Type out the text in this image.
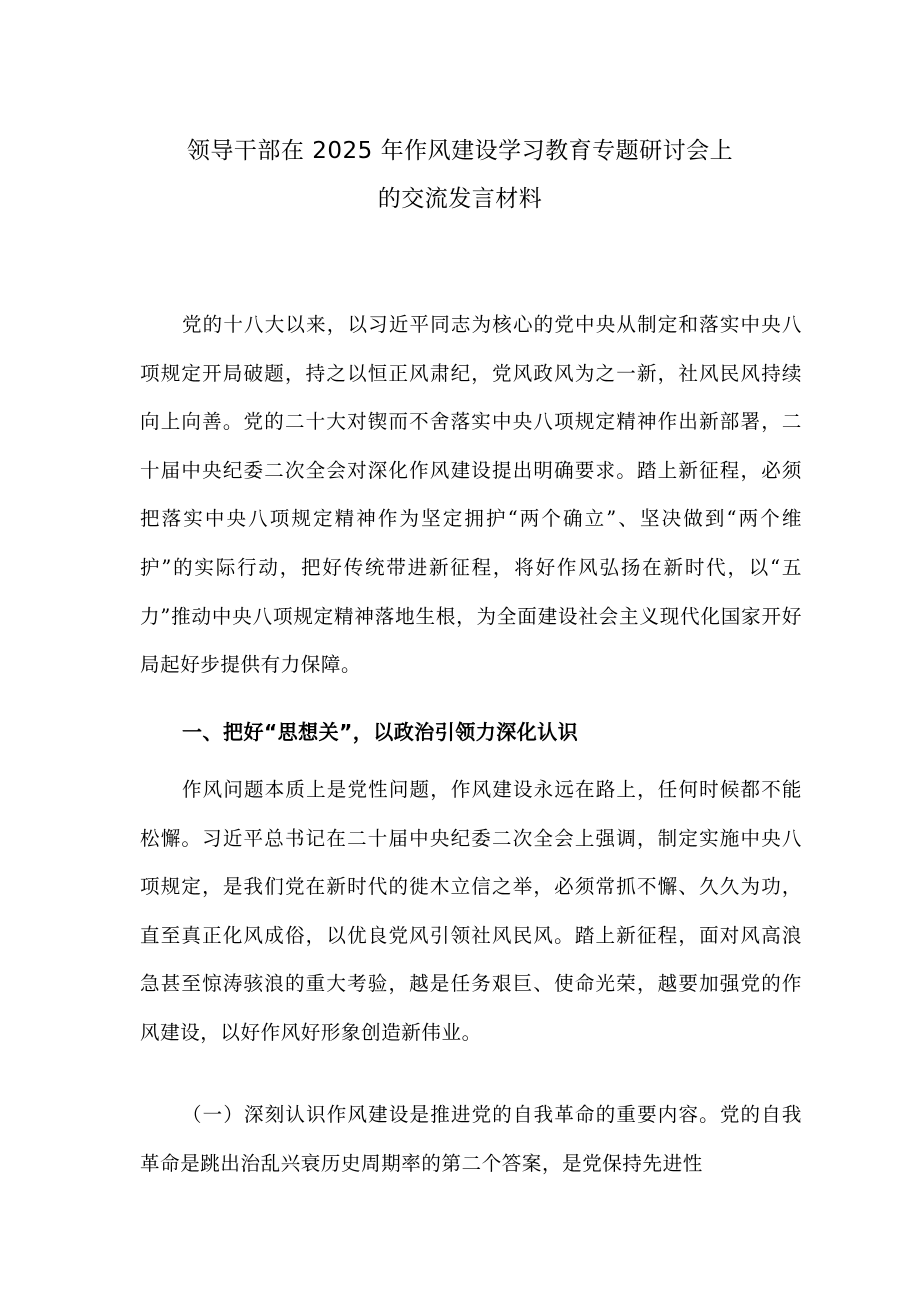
领导干部在 2025 年作风建设学习教育专题研讨会上
的交流发言材料

党的十八大以来，以习近平同志为核心的党中央从制定和落实中央八项规定开局破题，持之以恒正风肃纪，党风政风为之一新，社风民风持续向上向善。党的二十大对锲而不舍落实中央八项规定精神作出新部署，二十届中央纪委二次全会对深化作风建设提出明确要求。踏上新征程，必须把落实中央八项规定精神作为坚定拥护“两个确立”、坚决做到“两个维护”的实际行动，把好传统带进新征程，将好作风弘扬在新时代，以“五力”推动中央八项规定精神落地生根，为全面建设社会主义现代化国家开好局起好步提供有力保障。

一、把好“思想关”，以政治引领力深化认识

作风问题本质上是党性问题，作风建设永远在路上，任何时候都不能松懈。习近平总书记在二十届中央纪委二次全会上强调，制定实施中央八项规定，是我们党在新时代的徙木立信之举，必须常抓不懈、久久为功，直至真正化风成俗，以优良党风引领社风民风。踏上新征程，面对风高浪急甚至惊涛骇浪的重大考验，越是任务艰巨、使命光荣，越要加强党的作风建设，以好作风好形象创造新伟业。

（一）深刻认识作风建设是推进党的自我革命的重要内容。党的自我革命是跳出治乱兴衰历史周期率的第二个答案，是党保持先进性
